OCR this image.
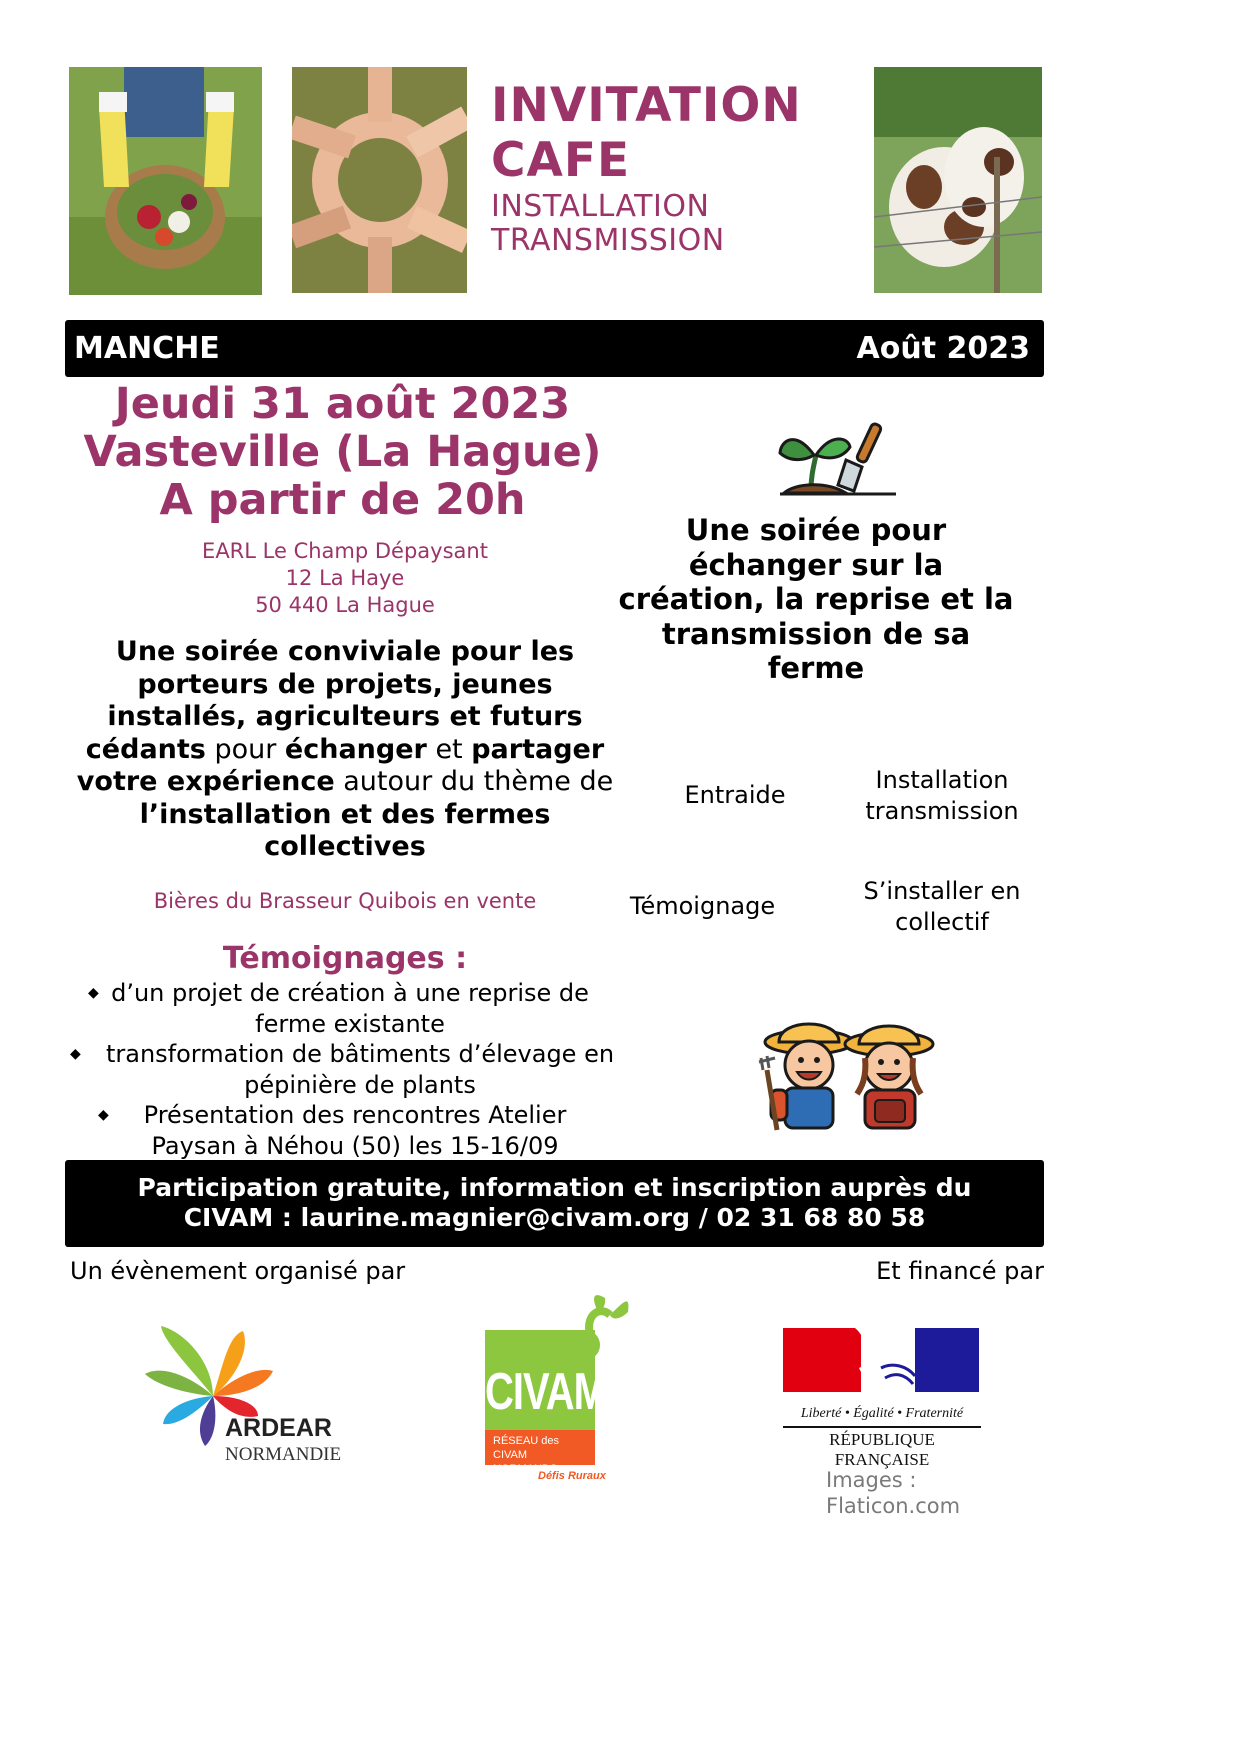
INVITATION
CAFE
INSTALLATION
TRANSMISSION
MANCHE	Août 2023
Jeudi 31 août 2023
Vasteville (La Hague)
A partir de 20h
EARL Le Champ Dépaysant
12 La Haye
50 440 La Hague
Une soirée conviviale pour les porteurs de projets, jeunes installés, agriculteurs et futurs cédants pour échanger et partager votre expérience autour du thème de l’installation et des fermes collectives
Bières du Brasseur Quibois en vente
Témoignages :
◆ d’un projet de création à une reprise de ferme existante
◆ transformation de bâtiments d’élevage en pépinière de plants
◆ Présentation des rencontres Atelier Paysan à Néhou (50) les 15-16/09
Une soirée pour échanger sur la création, la reprise et la transmission de sa ferme
Entraide
Installation transmission
Témoignage
S’installer en collectif
Participation gratuite, information et inscription auprès du
CIVAM : laurine.magnier@civam.org / 02 31 68 80 58
Un évènement organisé par	Et financé par
ARDEAR
NORMANDIE
CIVAM
RÉSEAU des CIVAM
NORMANDS
Défis Ruraux
Liberté • Égalité • Fraternité
RÉPUBLIQUE FRANÇAISE
Images :
Flaticon.com
